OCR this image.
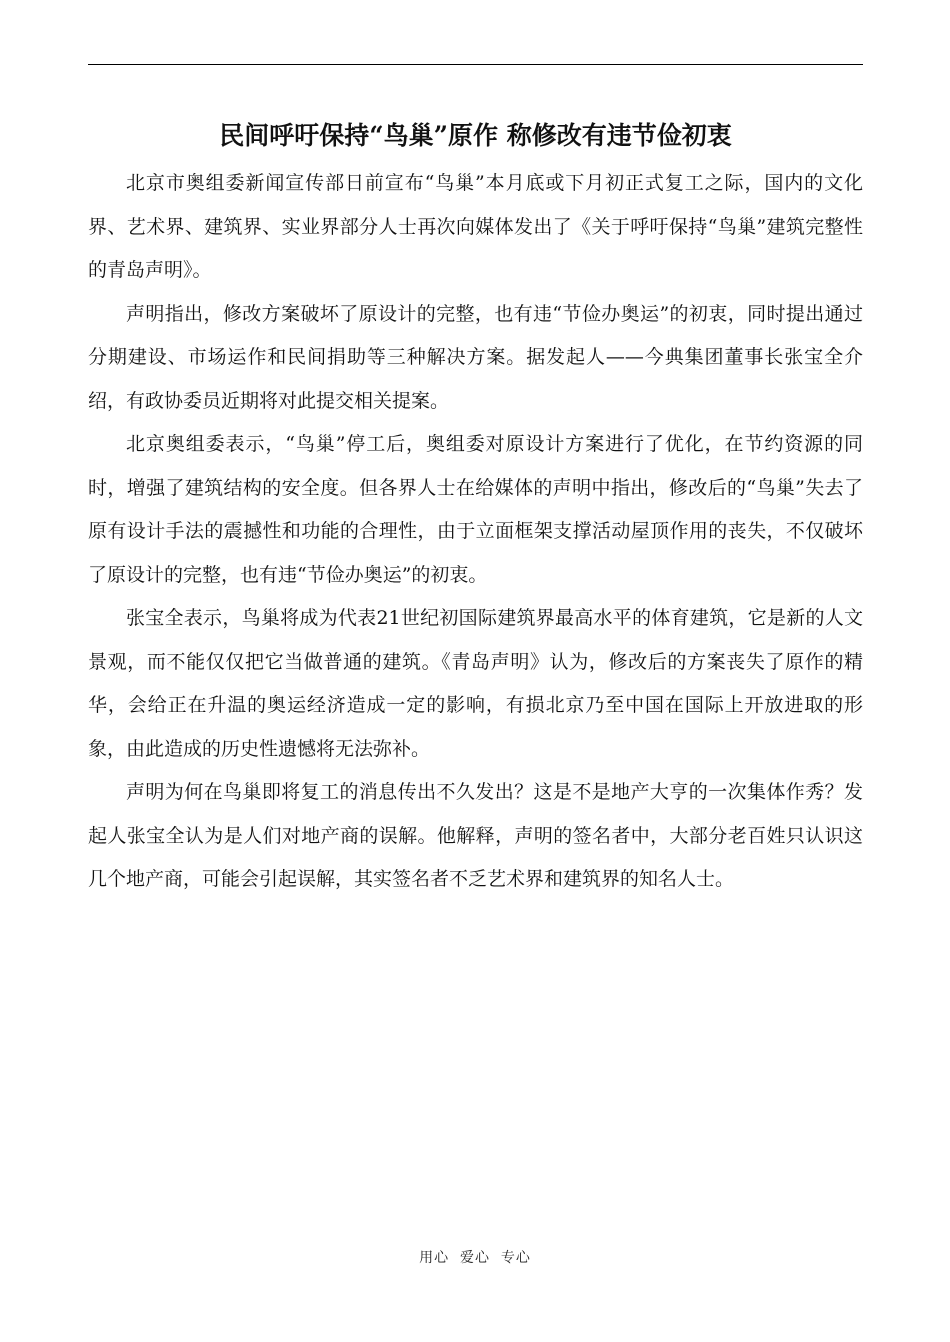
民间呼吁保持“鸟巢”原作 称修改有违节俭初衷

北京市奥组委新闻宣传部日前宣布“鸟巢”本月底或下月初正式复工之际，国内的文化界、艺术界、建筑界、实业界部分人士再次向媒体发出了《关于呼吁保持“鸟巢”建筑完整性的青岛声明》。

声明指出，修改方案破坏了原设计的完整，也有违“节俭办奥运”的初衷，同时提出通过分期建设、市场运作和民间捐助等三种解决方案。据发起人——今典集团董事长张宝全介绍，有政协委员近期将对此提交相关提案。

北京奥组委表示，“鸟巢”停工后，奥组委对原设计方案进行了优化，在节约资源的同时，增强了建筑结构的安全度。但各界人士在给媒体的声明中指出，修改后的“鸟巢”失去了原有设计手法的震撼性和功能的合理性，由于立面框架支撑活动屋顶作用的丧失，不仅破坏了原设计的完整，也有违“节俭办奥运”的初衷。

张宝全表示，鸟巢将成为代表21世纪初国际建筑界最高水平的体育建筑，它是新的人文景观，而不能仅仅把它当做普通的建筑。《青岛声明》认为，修改后的方案丧失了原作的精华，会给正在升温的奥运经济造成一定的影响，有损北京乃至中国在国际上开放进取的形象，由此造成的历史性遗憾将无法弥补。

声明为何在鸟巢即将复工的消息传出不久发出？这是不是地产大亨的一次集体作秀？发起人张宝全认为是人们对地产商的误解。他解释，声明的签名者中，大部分老百姓只认识这几个地产商，可能会引起误解，其实签名者不乏艺术界和建筑界的知名人士。

用心  爱心  专心
